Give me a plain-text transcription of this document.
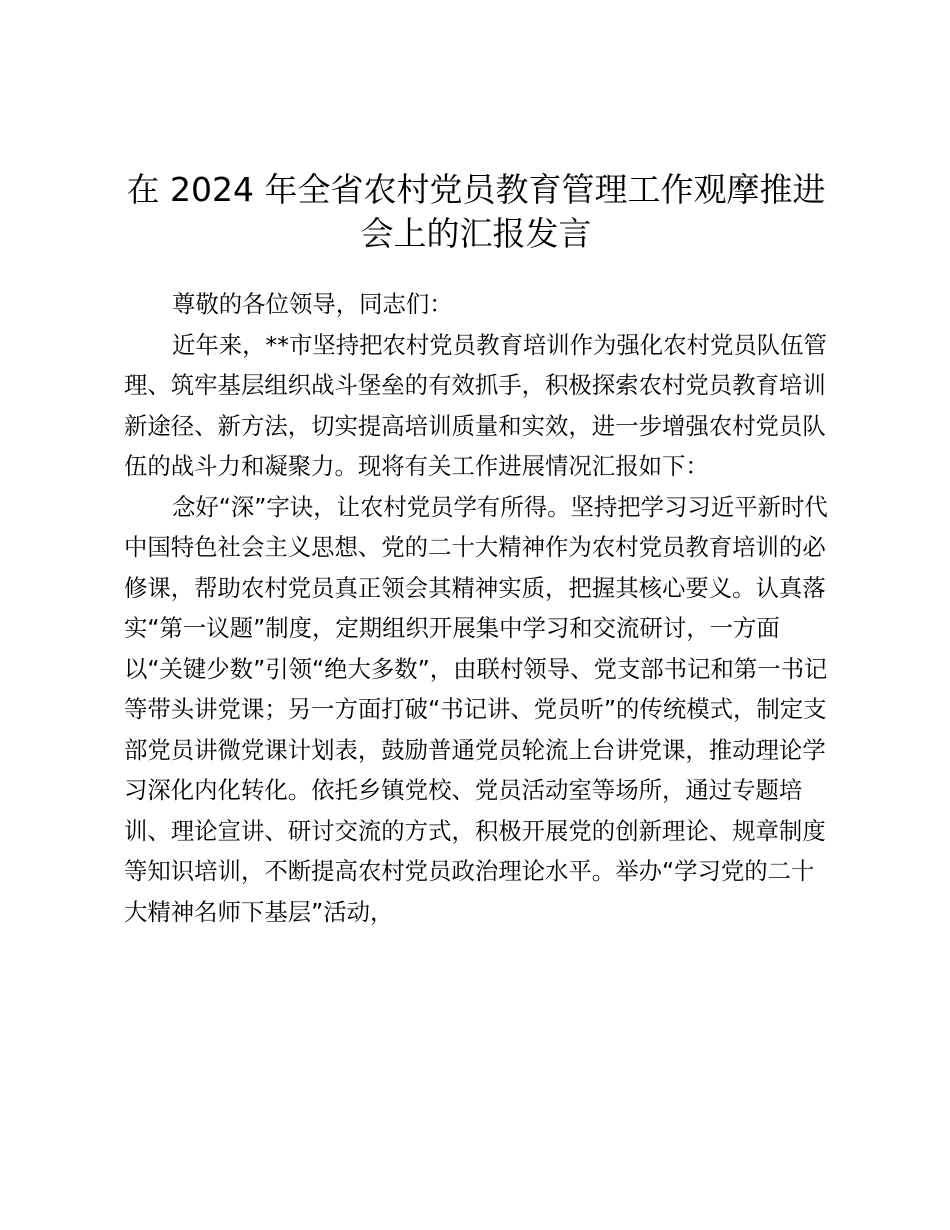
在 2024 年全省农村党员教育管理工作观摩推进会上的汇报发言

尊敬的各位领导，同志们：

近年来，**市坚持把农村党员教育培训作为强化农村党员队伍管理、筑牢基层组织战斗堡垒的有效抓手，积极探索农村党员教育培训新途径、新方法，切实提高培训质量和实效，进一步增强农村党员队伍的战斗力和凝聚力。现将有关工作进展情况汇报如下：

念好“深”字诀，让农村党员学有所得。坚持把学习习近平新时代中国特色社会主义思想、党的二十大精神作为农村党员教育培训的必修课，帮助农村党员真正领会其精神实质，把握其核心要义。认真落实“第一议题”制度，定期组织开展集中学习和交流研讨，一方面以“关键少数”引领“绝大多数”，由联村领导、党支部书记和第一书记等带头讲党课；另一方面打破“书记讲、党员听”的传统模式，制定支部党员讲微党课计划表，鼓励普通党员轮流上台讲党课，推动理论学习深化内化转化。依托乡镇党校、党员活动室等场所，通过专题培训、理论宣讲、研讨交流的方式，积极开展党的创新理论、规章制度等知识培训，不断提高农村党员政治理论水平。举办“学习党的二十大精神名师下基层”活动，
